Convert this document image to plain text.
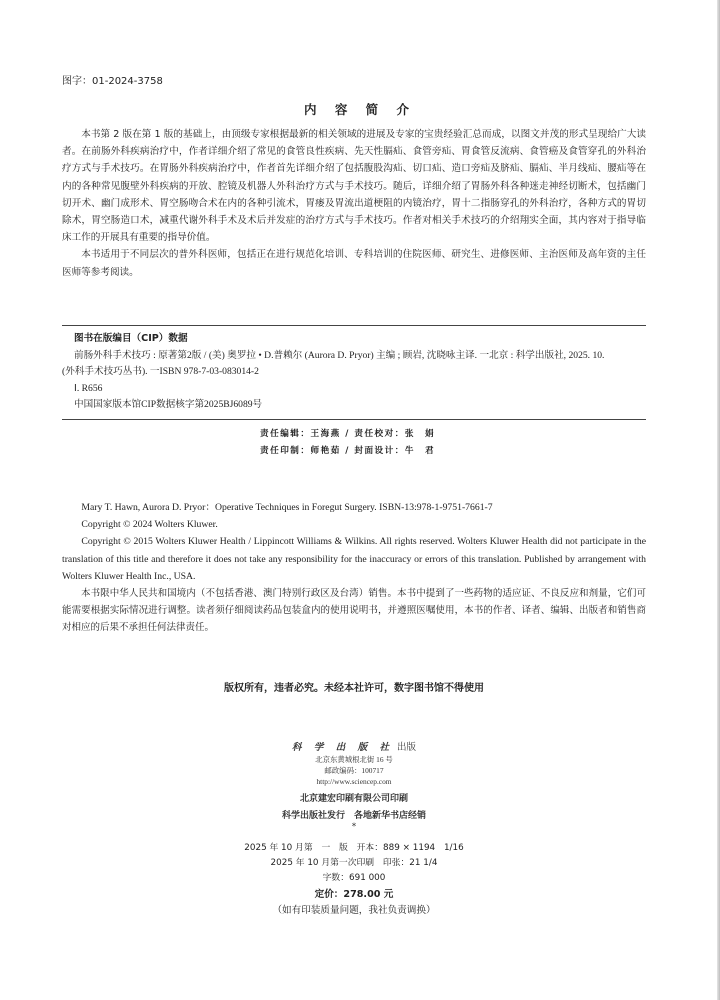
图字：01-2024-3758
内 容 简 介

本书第 2 版在第 1 版的基础上，由顶级专家根据最新的相关领域的进展及专家的宝贵经验汇总而成，以图文并茂的形式呈现给广大读者。在前肠外科疾病治疗中，作者详细介绍了常见的食管良性疾病、先天性膈疝、食管旁疝、胃食管反流病、食管癌及食管穿孔的外科治疗方式与手术技巧。在胃肠外科疾病治疗中，作者首先详细介绍了包括腹股沟疝、切口疝、造口旁疝及脐疝、膈疝、半月线疝、腰疝等在内的各种常见腹壁外科疾病的开放、腔镜及机器人外科治疗方式与手术技巧。随后，详细介绍了胃肠外科各种迷走神经切断术，包括幽门切开术、幽门成形术、胃空肠吻合术在内的各种引流术，胃瘘及胃流出道梗阻的内镜治疗，胃十二指肠穿孔的外科治疗，各种方式的胃切除术，胃空肠造口术，减重代谢外科手术及术后并发症的治疗方式与手术技巧。作者对相关手术技巧的介绍翔实全面，其内容对于指导临床工作的开展具有重要的指导价值。

本书适用于不同层次的普外科医师，包括正在进行规范化培训、专科培训的住院医师、研究生、进修医师、主治医师及高年资的主任医师等参考阅读。

图书在版编目（CIP）数据
前肠外科手术技巧 : 原著第2版 / (美) 奥罗拉 • D.普赖尔 (Aurora D. Pryor) 主编 ; 顾岩, 沈晓咏主译. 一北京 : 科学出版社, 2025. 10.
(外科手术技巧丛书). 一ISBN 978-7-03-083014-2
Ⅰ. R656
中国国家版本馆CIP数据核字第2025BJ6089号
责任编辑：王海燕 / 责任校对：张　娟
责任印制：师艳茹 / 封面设计：牛　君

Mary T. Hawn, Aurora D. Pryor：Operative Techniques in Foregut Surgery. ISBN-13:978-1-9751-7661-7

Copyright © 2024 Wolters Kluwer.

Copyright © 2015 Wolters Kluwer Health / Lippincott Williams & Wilkins. All rights reserved. Wolters Kluwer Health did not participate in the translation of this title and therefore it does not take any responsibility for the inaccuracy or errors of this translation. Published by arrangement with Wolters Kluwer Health Inc., USA.

本书限中华人民共和国境内（不包括香港、澳门特别行政区及台湾）销售。本书中提到了一些药物的适应证、不良反应和剂量，它们可能需要根据实际情况进行调整。读者须仔细阅读药品包装盒内的使用说明书，并遵照医嘱使用，本书的作者、译者、编辑、出版者和销售商对相应的后果不承担任何法律责任。

版权所有，违者必究。未经本社许可，数字图书馆不得使用
科 学 出 版 社 出版
北京东黄城根北街 16 号
邮政编码：100717
http://www.sciencep.com
北京建宏印刷有限公司印刷
科学出版社发行　各地新华书店经销
*
2025 年 10 月第　一　版　开本：889 × 1194　1/16
2025 年 10 月第一次印刷　印张：21 1/4
字数：691 000
定价：278.00 元
（如有印装质量问题，我社负责调换）
